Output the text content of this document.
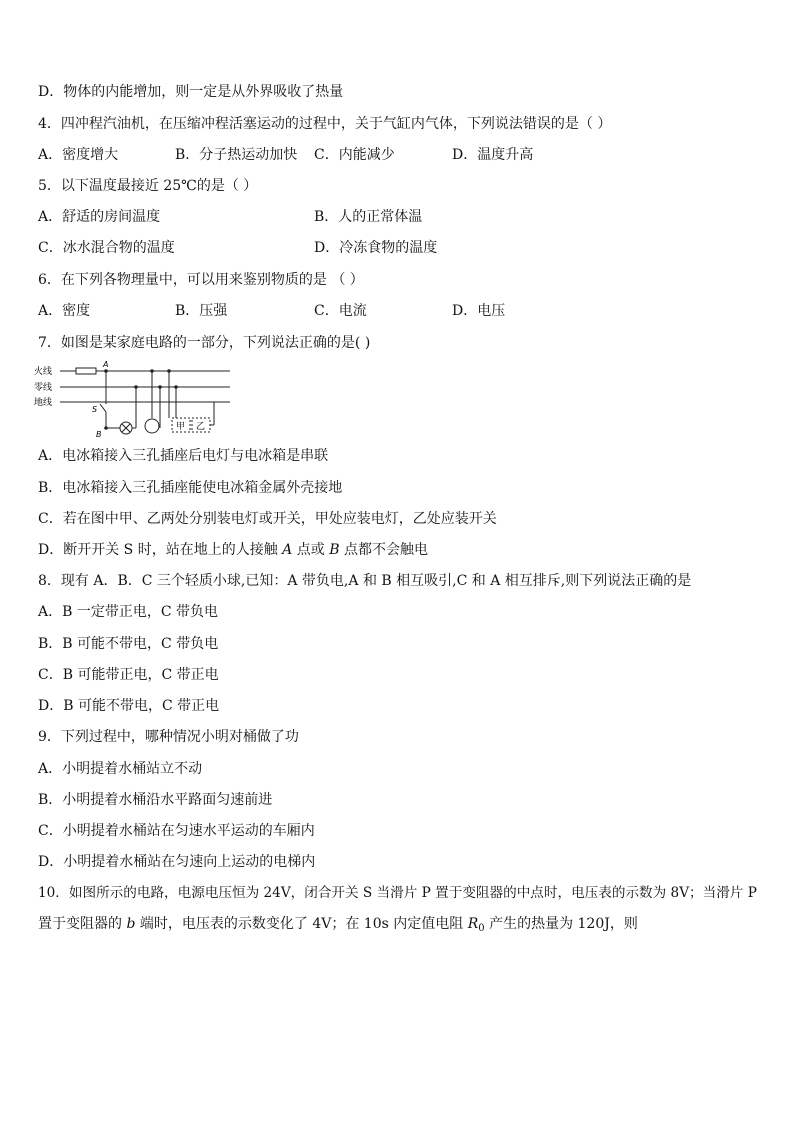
D．物体的内能增加，则一定是从外界吸收了热量
4．四冲程汽油机，在压缩冲程活塞运动的过程中，关于气缸内气体，下列说法错误的是（ ）
A．密度增大	B．分子热运动加快 C．内能减少	D．温度升高
5．以下温度最接近 25℃的是（ ）
A．舒适的房间温度	B．人的正常体温
C．冰水混合物的温度	D．冷冻食物的温度
6．在下列各物理量中，可以用来鉴别物质的是 （ ）
A．密度	B．压强	C．电流	D．电压
7．如图是某家庭电路的一部分，下列说法正确的是( )
火线
零线
地线
A
S
B
甲 乙
A．电冰箱接入三孔插座后电灯与电冰箱是串联
B．电冰箱接入三孔插座能使电冰箱金属外壳接地
C．若在图中甲、乙两处分别装电灯或开关，甲处应装电灯，乙处应装开关
D．断开开关 S 时，站在地上的人接触 A 点或 B 点都不会触电
8．现有 A．B．C 三个轻质小球,已知：A 带负电,A 和 B 相互吸引,C 和 A 相互排斥,则下列说法正确的是
A．B 一定带正电，C 带负电
B．B 可能不带电，C 带负电
C．B 可能带正电，C 带正电
D．B 可能不带电，C 带正电
9．下列过程中，哪种情况小明对桶做了功
A．小明提着水桶站立不动
B．小明提着水桶沿水平路面匀速前进
C．小明提着水桶站在匀速水平运动的车厢内
D．小明提着水桶站在匀速向上运动的电梯内
10．如图所示的电路，电源电压恒为 24V，闭合开关 S 当滑片 P 置于变阻器的中点时，电压表的示数为 8V；当滑片 P
置于变阻器的 b 端时，电压表的示数变化了 4V；在 10s 内定值电阻 $R_0$ 产生的热量为 120J，则
